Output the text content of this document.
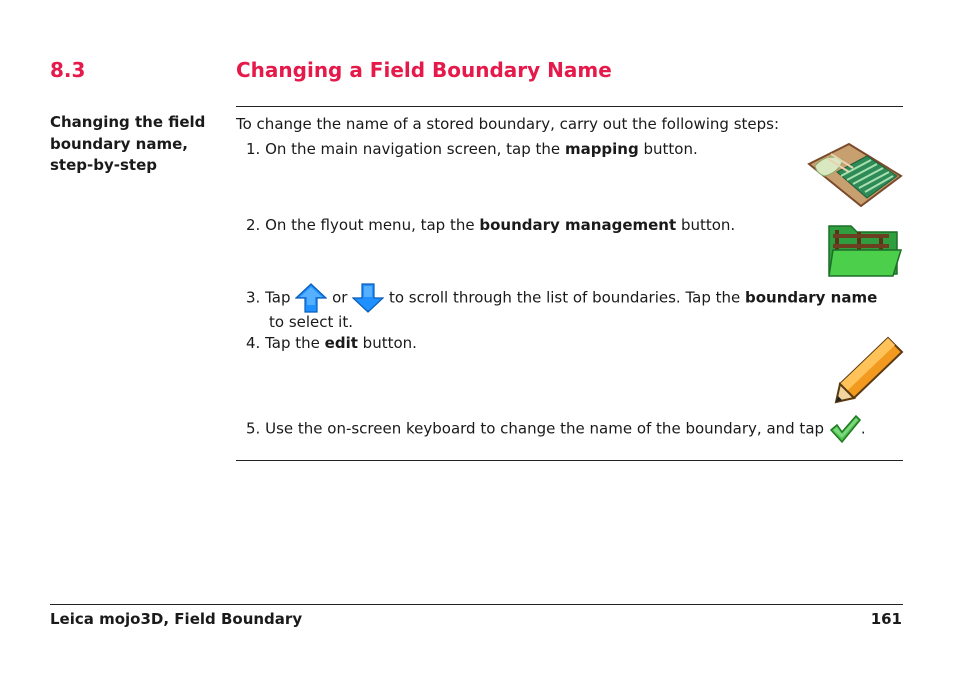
8.3	Changing a Field Boundary Name
Changing the field boundary name, step-by-step
To change the name of a stored boundary, carry out the following steps:
1. On the main navigation screen, tap the mapping button.
2. On the flyout menu, tap the boundary management button.
3. Tap	or	to scroll through the list of boundaries. Tap the boundary name
to select it.
4. Tap the edit button.
5. Use the on-screen keyboard to change the name of the boundary, and tap .
Leica mojo3D, Field Boundary	161
